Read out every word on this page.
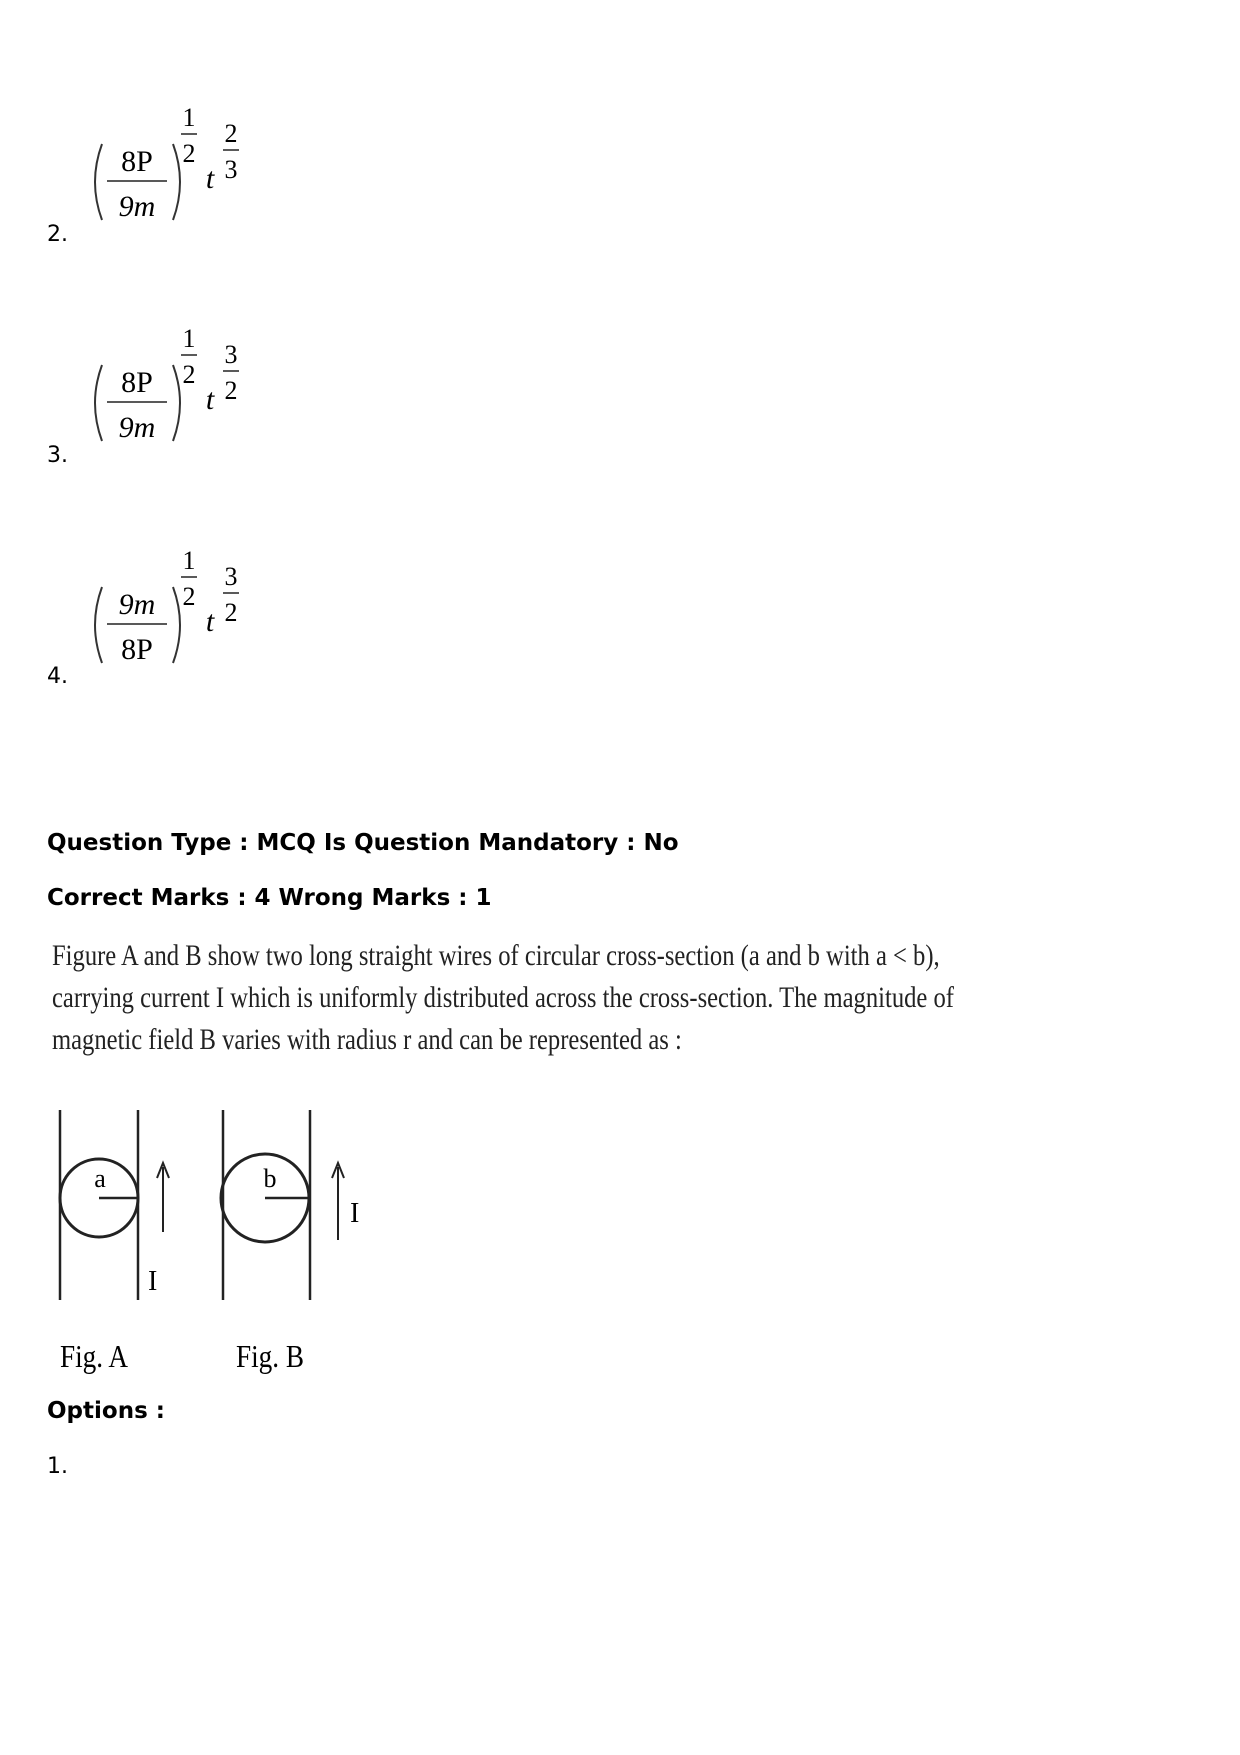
2.
8P
9m
1
2
t
2
3
3.
8P
9m
1
2
t
3
2
4.
9m
8P
1
2
t
3
2
Question Type : MCQ Is Question Mandatory : No
Correct Marks : 4 Wrong Marks : 1
Figure A and B show two long straight wires of circular cross-section (a and b with a < b),
carrying current I which is uniformly distributed across the cross-section. The magnitude of
magnetic field B varies with radius r and can be represented as :
a
I
Fig. A
b
I
Fig. B
Options :
1.
